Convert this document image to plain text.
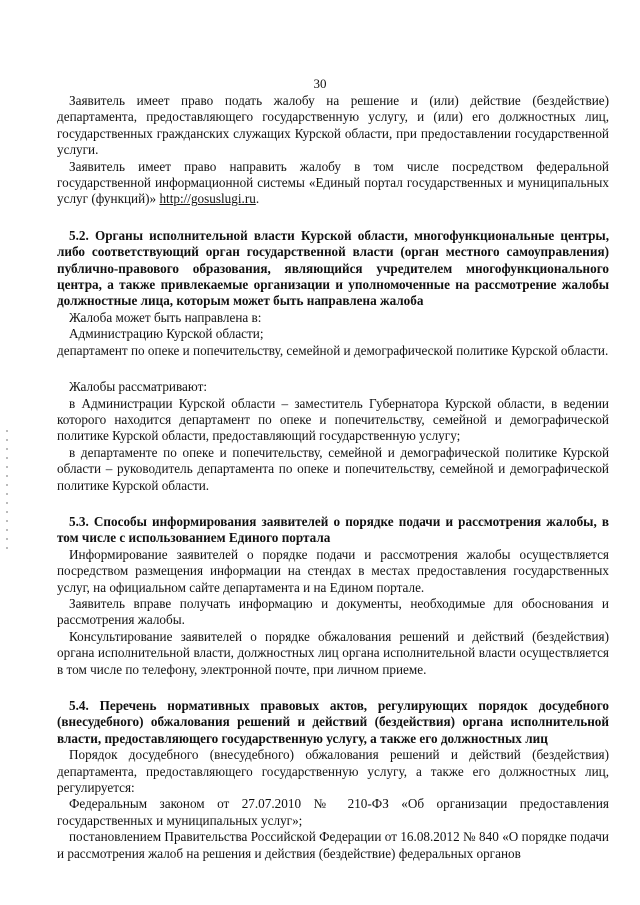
30

Заявитель имеет право подать жалобу на решение и (или) действие (бездействие) департамента, предоставляющего государственную услугу, и (или) его должностных лиц, государственных гражданских служащих Курской области, при предоставлении государственной услуги.

Заявитель имеет право направить жалобу в том числе посредством федеральной государственной информационной системы «Единый портал государственных и муниципальных услуг (функций)» http://gosuslugi.ru.

5.2. Органы исполнительной власти Курской области, многофункциональные центры, либо соответствующий орган государственной власти (орган местного самоуправления) публично-правового образования, являющийся учредителем многофункционального центра, а также привлекаемые организации и уполномоченные на рассмотрение жалобы должностные лица, которым может быть направлена жалоба

Жалоба может быть направлена в:

Администрацию Курской области;

департамент по опеке и попечительству, семейной и демографической политике Курской области.

Жалобы рассматривают:

в Администрации Курской области – заместитель Губернатора Курской области, в ведении которого находится департамент по опеке и попечительству, семейной и демографической политике Курской области, предоставляющий государственную услугу;

в департаменте по опеке и попечительству, семейной и демографической политике Курской области – руководитель департамента по опеке и попечительству, семейной и демографической политике Курской области.

5.3. Способы информирования заявителей о порядке подачи и рассмотрения жалобы, в том числе с использованием Единого портала

Информирование заявителей о порядке подачи и рассмотрения жалобы осуществляется посредством размещения информации на стендах в местах предоставления государственных услуг, на официальном сайте департамента и на Едином портале.

Заявитель вправе получать информацию и документы, необходимые для обоснования и рассмотрения жалобы.

Консультирование заявителей о порядке обжалования решений и действий (бездействия) органа исполнительной власти, должностных лиц органа исполнительной власти осуществляется в том числе по телефону, электронной почте, при личном приеме.

5.4. Перечень нормативных правовых актов, регулирующих порядок досудебного (внесудебного) обжалования решений и действий (бездействия) органа исполнительной власти, предоставляющего государственную услугу, а также его должностных лиц

Порядок досудебного (внесудебного) обжалования решений и действий (бездействия) департамента, предоставляющего государственную услугу, а также его должностных лиц, регулируется:

Федеральным законом от 27.07.2010 № 210-ФЗ «Об организации предоставления государственных и муниципальных услуг»;

постановлением Правительства Российской Федерации от 16.08.2012 № 840 «О порядке подачи и рассмотрения жалоб на решения и действия (бездействие) федеральных органов
